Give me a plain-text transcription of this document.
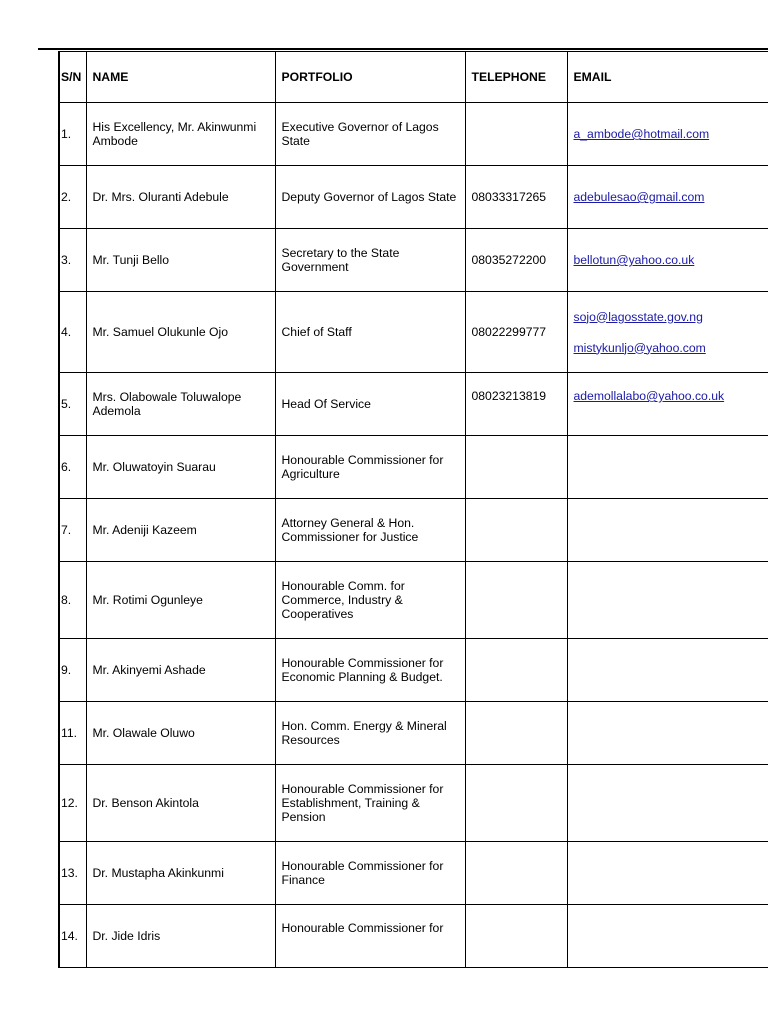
S/N	NAME	PORTFOLIO	TELEPHONE	EMAIL
1.	His Excellency, Mr. Akinwunmi Ambode	Executive Governor of Lagos State		a_ambode@hotmail.com
2.	Dr. Mrs. Oluranti Adebule	Deputy Governor of Lagos State	08033317265	adebulesao@gmail.com
3.	Mr. Tunji Bello	Secretary to the State Government	08035272200	bellotun@yahoo.co.uk
4.	Mr. Samuel Olukunle Ojo	Chief of Staff	08022299777	sojo@lagosstate.gov.ng
mistykunljo@yahoo.com

5.	Mrs. Olabowale Toluwalope Ademola	Head Of Service	08023213819	ademollalabo@yahoo.co.uk
6.	Mr. Oluwatoyin Suarau	Honourable Commissioner for Agriculture		
7.	Mr. Adeniji Kazeem	Attorney General & Hon. Commissioner for Justice		
8.	Mr. Rotimi Ogunleye	Honourable Comm. for Commerce, Industry & Cooperatives		
9.	Mr. Akinyemi Ashade	Honourable Commissioner for Economic Planning & Budget.		
11.	Mr. Olawale Oluwo	Hon. Comm. Energy & Mineral Resources		
12.	Dr. Benson Akintola	Honourable Commissioner for Establishment, Training & Pension		
13.	Dr. Mustapha Akinkunmi	Honourable Commissioner for Finance		
14.	Dr. Jide Idris	Honourable Commissioner for		
